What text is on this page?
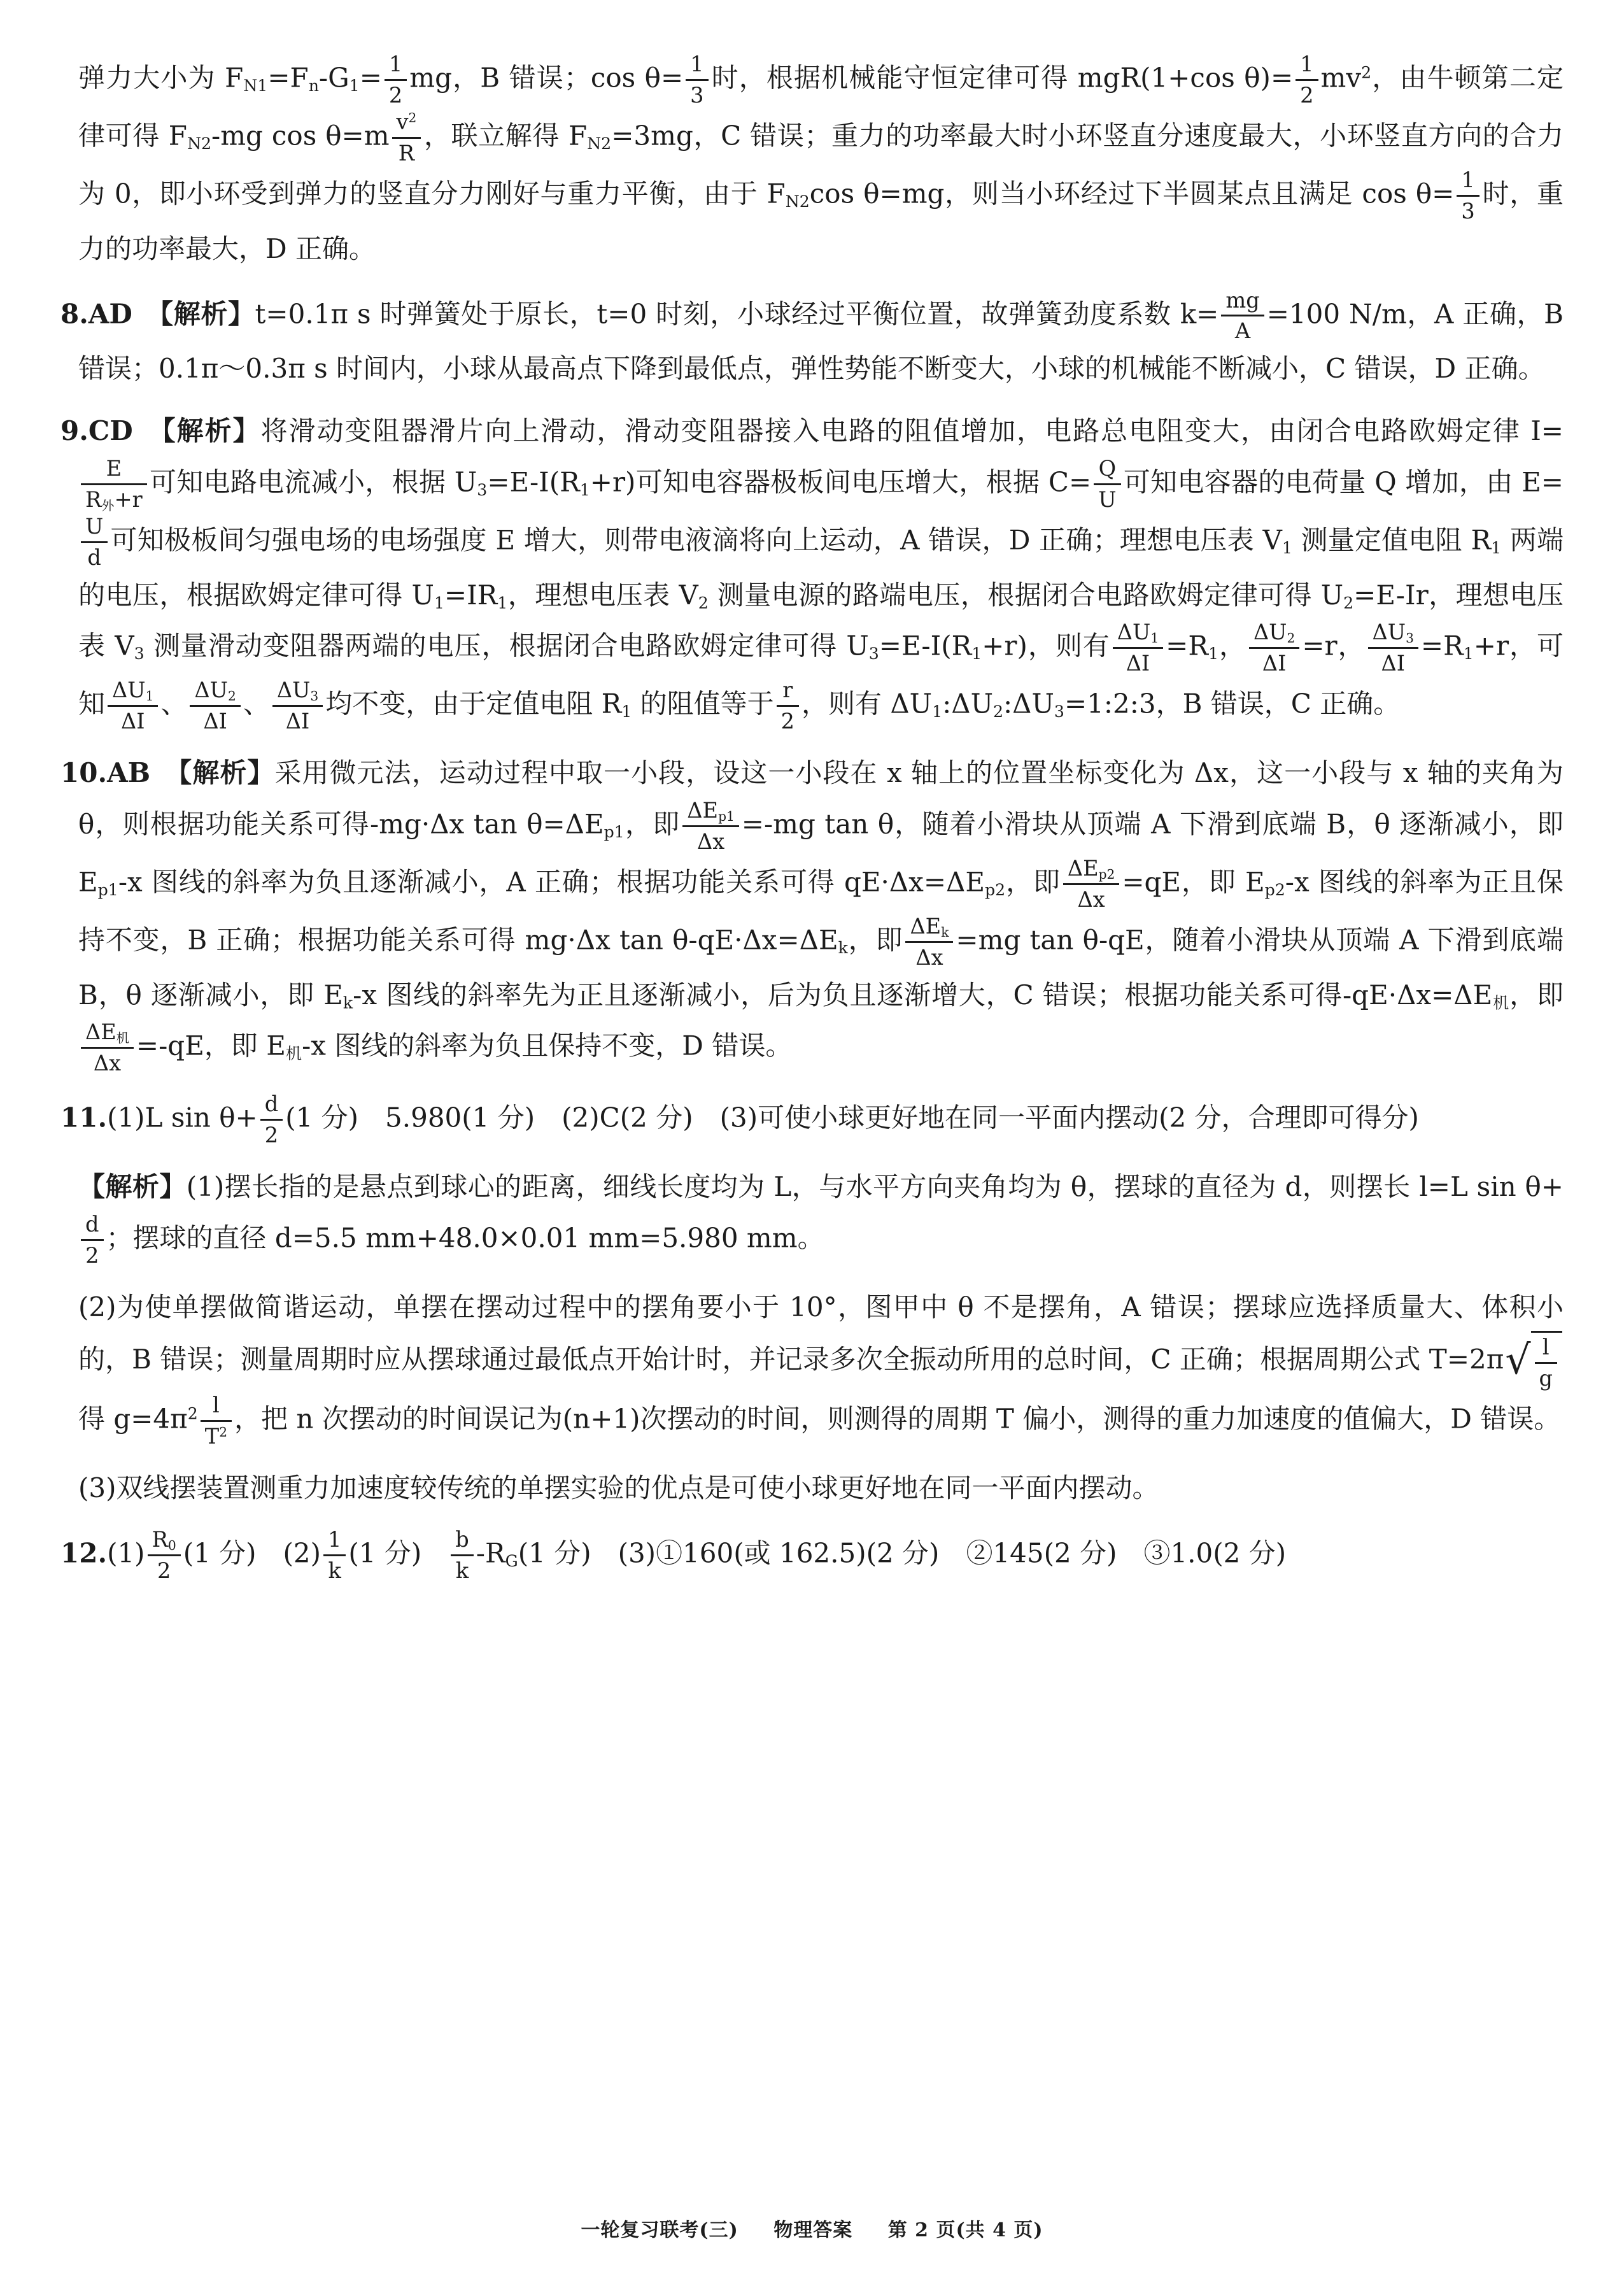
弹力大小为 $F_{N1}=F_n-G_1= \frac{1}{2}$ mg，B 错误；$\cos \theta= \frac{1}{3}$ 时，根据机械能守恒定律可得 mgR(1+cos $\theta)= \frac{1}{2} mv^2$，由牛顿第二定律可得 $F_{N2}-mg$ $\cos \theta=m \frac{v^2}{R}$ ，联立解得 $F_{N2}=3mg$，C 错误；重力的功率最大时小环竖直分速度最大，小环竖直方向的合力为 0，即小环受到弹力的竖直分力刚好与重力平衡，由于 $F_{N2}\cos$ θ=mg，则当小环经过下半圆某点且满足 $\cos \theta= \frac{1}{3}$ 时，重力的功率最大，D 正确。

8.AD　 【解析】t=0.1π s 时弹簧处于原长，t=0 时刻，小球经过平衡位置，故弹簧劲度系数 $k= \frac{mg}{A} =100$ N/m，A 正确，B 错误；0.1π～0.3π s 时间内，小球从最高点下降到最低点，弹性势能不断变大，小球的机械能不断减小，C 错误，D 正确。

9.CD　 【解析】将滑动变阻器滑片向上滑动，滑动变阻器接入电路的阻值增加，电路总电阻变大，由闭合电路欧姆定律 I=
$\frac{E}{R_外+r}$ 可知电路电流减小，根据 $U_3=E-I(R_1+r)$可知电容器极板间电压增大，根据 $C= \frac{Q}{U}$ 可知电容器的电荷量 Q 增加，由 E=
$\frac{U}{d}$ 可知极板间匀强电场的电场强度 E 增大，则带电液滴将向上运动，A 错误，D 正确；理想电压表 $V_1$ 测量定值电阻 $R_1$ 两端的电压，根据欧姆定律可得 $U_1=IR_1$，理想电压表 $V_2$ 测量电源的路端电压，根据闭合电路欧姆定律可得 $U_2=E-Ir$，理想电压表 $V_3$ 测量滑动变阻器两端的电压，根据闭合电路欧姆定律可得 $U_3=E-I(R_1+r)$，则有 $\frac{\Delta U_1}{\Delta I} =R_1$， $\frac{\Delta U_2}{\Delta I} =r$， $\frac{\Delta U_3}{\Delta I} =R_1+r$，可知 $\frac{\Delta U_1}{\Delta I}$ 、 $\frac{\Delta U_2}{\Delta I}$ 、 $\frac{\Delta U_3}{\Delta I}$ 均不变，由于定值电阻 $R_1$ 的阻值等于 $\frac{r}{2}$ ，则有 $\Delta U_1:\Delta U_2:\Delta U_3=1:2:3$，B 错误，C 正确。

10.AB　 【解析】采用微元法，运动过程中取一小段，设这一小段在 x 轴上的位置坐标变化为 Δx，这一小段与 x 轴的夹角为 θ，则根据功能关系可得-mg·Δx $\tan \theta=\Delta E_{p1}$，即 $\frac{\Delta E_{p1}}{\Delta x} =-mg$ tan θ，随着小滑块从顶端 A 下滑到底端 B，θ 逐渐减小，即 $E_{p1}-x$ 图线的斜率为负且逐渐减小，A 正确；根据功能关系可得 $qE\cdot\Delta x=\Delta E_{p2}$，即 $\frac{\Delta E_{p2}}{\Delta x} =qE$，即 $E_{p2}-x$ 图线的斜率为正且保持不变，B 正确；根据功能关系可得 mg·Δx $\tan \theta-qE\cdot\Delta x=\Delta E_k$，即 $\frac{\Delta E_k}{\Delta x} =mg$ tan θ-qE，随着小滑块从顶端 A 下滑到底端 B，θ 逐渐减小，即 $E_k-x$ 图线的斜率先为正且逐渐减小，后为负且逐渐增大，C 错误；根据功能关系可得$-qE\cdot\Delta x=\Delta E_机$，即
$\frac{\Delta E_机}{\Delta x} =-qE$，即 $E_机-x$ 图线的斜率为负且保持不变，D 错误。

11.(1)L $\sin \theta+ \frac{d}{2} (1$ 分)　5.980(1 分)　(2)C(2 分)　(3)可使小球更好地在同一平面内摆动(2 分，合理即可得分)

【解析】(1)摆长指的是悬点到球心的距离，细线长度均为 L，与水平方向夹角均为 θ，摆球的直径为 d，则摆长 l=L sin θ+
$\frac{d}{2}$ ；摆球的直径 d=5.5 mm+48.0×0.01 mm=5.980 mm。

(2)为使单摆做简谐运动，单摆在摆动过程中的摆角要小于 10°，图甲中 θ 不是摆角，A 错误；摆球应选择质量大、体积小的，B 错误；测量周期时应从摆球通过最低点开始计时，并记录多次全振动所用的总时间，C 正确；根据周期公式 T=2π √ $\frac{l}{g}$
得 $g=4\pi^2 \frac{l}{T^2}$ ，把 n 次摆动的时间误记为(n+1)次摆动的时间，则测得的周期 T 偏小，测得的重力加速度的值偏大，D 错误。

(3)双线摆装置测重力加速度较传统的单摆实验的优点是可使小球更好地在同一平面内摆动。

$12.(1) \frac{R_0}{2} (1$ 分)　$(2) \frac{1}{k} (1$ 分)　 $\frac{b}{k} -R_G(1$ 分)　(3)①160(或 162.5)(2 分)　②145(2 分)　③1.0(2 分)

一轮复习联考(三) 物理答案 第 2 页(共 4 页)
